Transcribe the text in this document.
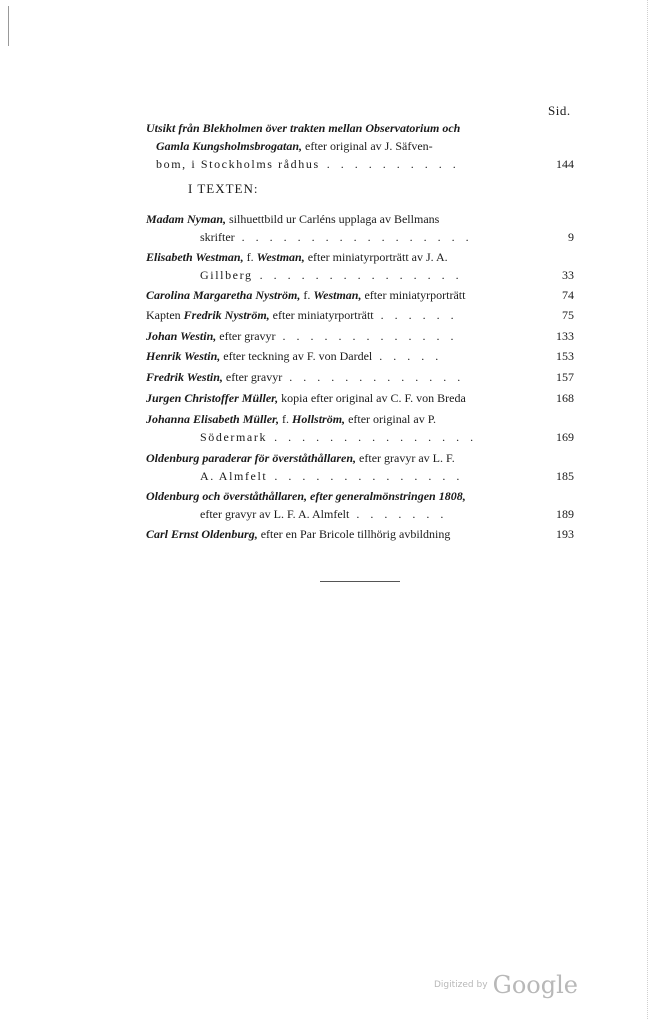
Sid.
Utsikt från Blekholmen över trakten mellan Observatorium och
Gamla Kungsholmsbrogatan, efter original av J. Säfven-
bom, i Stockholms rådhus . . . . . . . . . .	144
I TEXTEN:
Madam Nyman, silhuettbild ur Carléns upplaga av Bellmans
skrifter . . . . . . . . . . . . . . . . .	9
Elisabeth Westman, f. Westman, efter miniatyrporträtt av J. A.
Gillberg . . . . . . . . . . . . . . .	33
Carolina Margaretha Nyström, f. Westman, efter miniatyrporträtt	74
Kapten Fredrik Nyström, efter miniatyrporträtt . . . . . .	75
Johan Westin, efter gravyr . . . . . . . . . . . . .	133
Henrik Westin, efter teckning av F. von Dardel . . . . .	153
Fredrik Westin, efter gravyr . . . . . . . . . . . . .	157
Jurgen Christoffer Müller, kopia efter original av C. F. von Breda	168
Johanna Elisabeth Müller, f. Hollström, efter original av P.
Södermark . . . . . . . . . . . . . . .	169
Oldenburg paraderar för överståthållaren, efter gravyr av L. F.
A. Almfelt . . . . . . . . . . . . . .	185
Oldenburg och överståthållaren, efter generalmönstringen 1808,
efter gravyr av L. F. A. Almfelt . . . . . . .	189
Carl Ernst Oldenburg, efter en Par Bricole tillhörig avbildning	193
Digitized by Google
